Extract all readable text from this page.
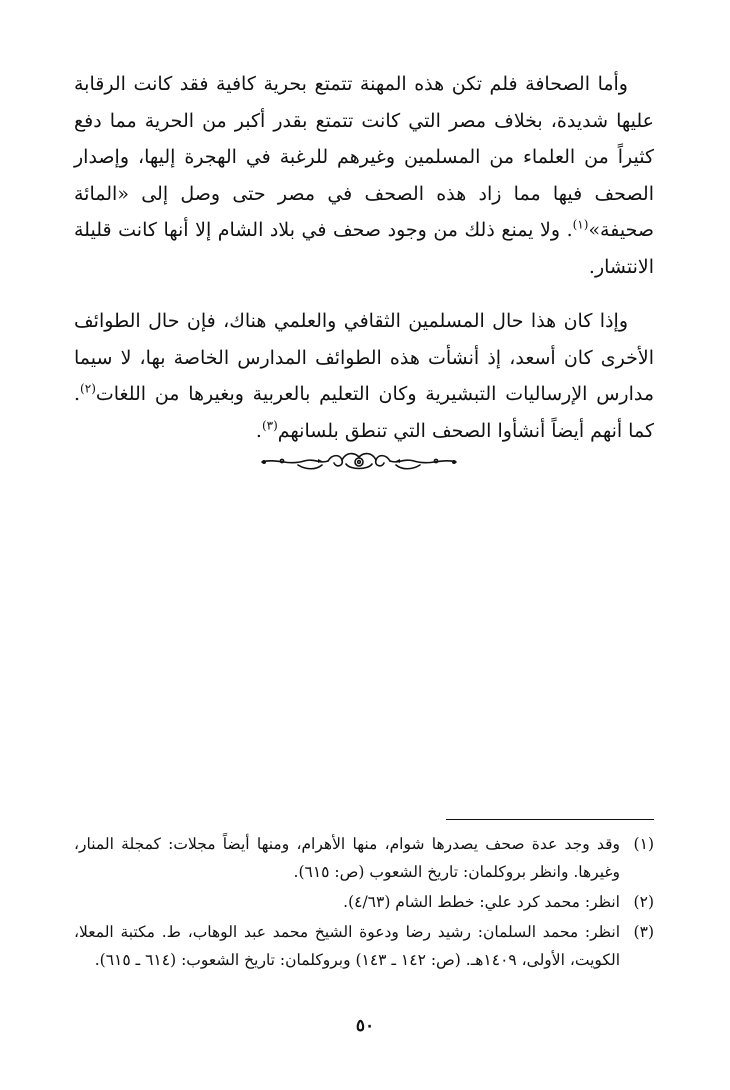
وأما الصحافة فلم تكن هذه المهنة تتمتع بحرية كافية فقد كانت الرقابة عليها شديدة، بخلاف مصر التي كانت تتمتع بقدر أكبر من الحرية مما دفع كثيراً من العلماء من المسلمين وغيرهم للرغبة في الهجرة إليها، وإصدار الصحف فيها مما زاد هذه الصحف في مصر حتى وصل إلى «المائة صحيفة»$^{(١)}$. ولا يمنع ذلك من وجود صحف في بلاد الشام إلا أنها كانت قليلة الانتشار.

وإذا كان هذا حال المسلمين الثقافي والعلمي هناك، فإن حال الطوائف الأخرى كان أسعد، إذ أنشأت هذه الطوائف المدارس الخاصة بها، لا سيما مدارس الإرساليات التبشيرية وكان التعليم بالعربية وبغيرها من اللغات$^{(٢)}$. كما أنهم أيضاً أنشأوا الصحف التي تنطق بلسانهم$^{(٣)}$.

(١)
وقد وجد عدة صحف يصدرها شوام، منها الأهرام، ومنها أيضاً مجلات: كمجلة المنار، وغيرها. وانظر بروكلمان: تاريخ الشعوب (ص: ٦١٥).
(٢)
انظر: محمد كرد علي: خطط الشام (٤/٦٣).
(٣)
انظر: محمد السلمان: رشيد رضا ودعوة الشيخ محمد عبد الوهاب، ط. مكتبة المعلا، الكويت، الأولى، ١٤٠٩هـ. (ص: ١٤٢ ـ ١٤٣) وبروكلمان: تاريخ الشعوب: (٦١٤ ـ ٦١٥).
٥٠
